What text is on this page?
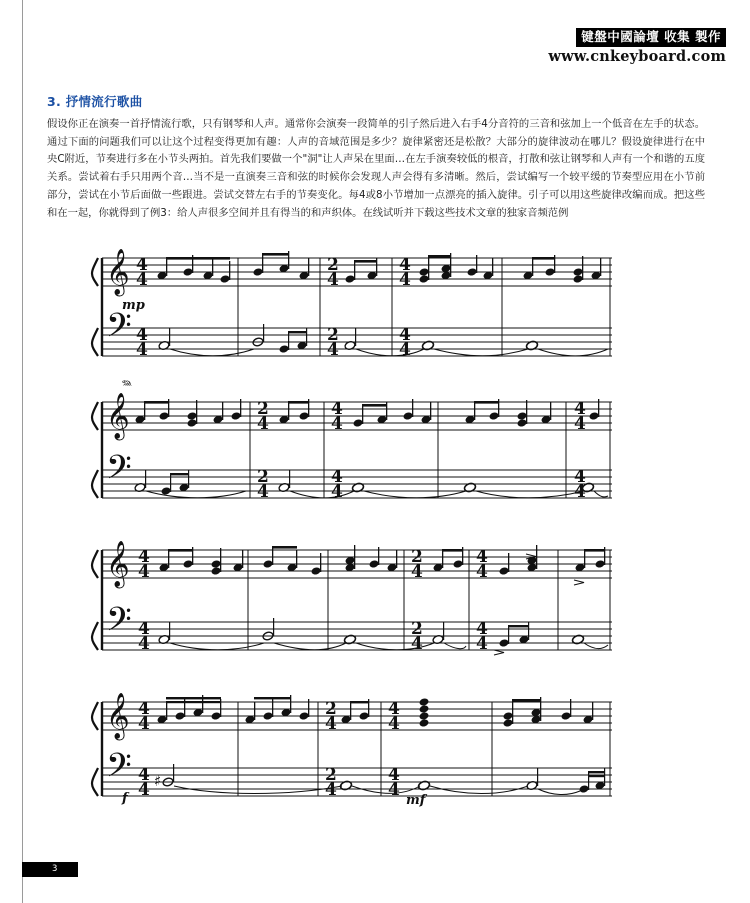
键盤中國論壇 收集 製作
www.cnkeyboard.com
3. 抒情流行歌曲
假设你正在演奏一首抒情流行歌，只有钢琴和人声。通常你会演奏一段简单的引子然后进入右手4分音符的三音和弦加上一个低音在左手的状态。通过下面的问题我们可以让这个过程变得更加有趣：人声的音域范围是多少？旋律紧密还是松散？大部分的旋律波动在哪儿？假设旋律进行在中央C附近，节奏进行多在小节头两拍。首先我们要做一个"洞"让人声呆在里面…在左手演奏较低的根音，打散和弦让钢琴和人声有一个和谐的五度关系。尝试着右手只用两个音…当不是一直演奏三音和弦的时候你会发现人声会得有多清晰。然后，尝试编写一个较平缓的节奏型应用在小节前部分，尝试在小节后面做一些跟进。尝试交替左右手的节奏变化。每4或8小节增加一点漂亮的插入旋律。引子可以用这些旋律改编而成。把这些和在一起，你就得到了例3：给人声很多空间并且有得当的和声织体。在线试听并下载这些技术文章的独家音频范例
𝄞
𝄢
4
4
4
4
2
4
2
4
4
4
4
4
mp
𝆮
𝄞
𝄢
2
4
2
4
4
4
4
4
4
4
4
4
𝄞
𝄢
4
4
4
4
2
4
2
4
4
4
4
4
𝄞
𝄢
4
4
4
4
2
4
2
4
4
4
4
4
♯
f	mf
3
